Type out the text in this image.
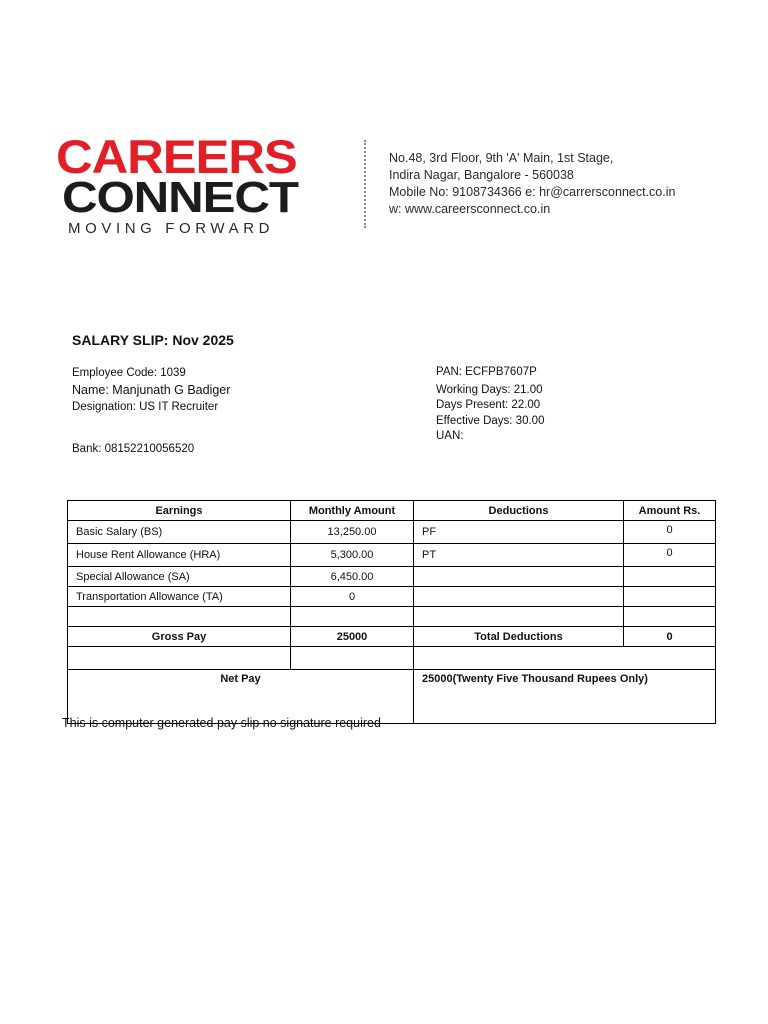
CAREERS
CONNECT
MOVING FORWARD
No.48, 3rd Floor, 9th 'A' Main, 1st Stage,
Indira Nagar, Bangalore - 560038
Mobile No: 9108734366 e: hr@carrersconnect.co.in
w: www.careersconnect.co.in
SALARY SLIP: Nov 2025
Employee Code: 1039
Name: Manjunath G Badiger
Designation: US IT Recruiter
Bank: 08152210056520
PAN: ECFPB7607P
Working Days: 21.00
Days Present: 22.00
Effective Days: 30.00
UAN:
Earnings	Monthly Amount	Deductions	Amount Rs.
Basic Salary (BS)	13,250.00	PF	0
House Rent Allowance (HRA)	5,300.00	PT	0
Special Allowance (SA)	6,450.00		
Transportation Allowance (TA)	0		

Gross Pay	25000	Total Deductions	0

Net Pay		25000(Twenty Five Thousand Rupees Only)	
This is computer generated pay slip no signature required
